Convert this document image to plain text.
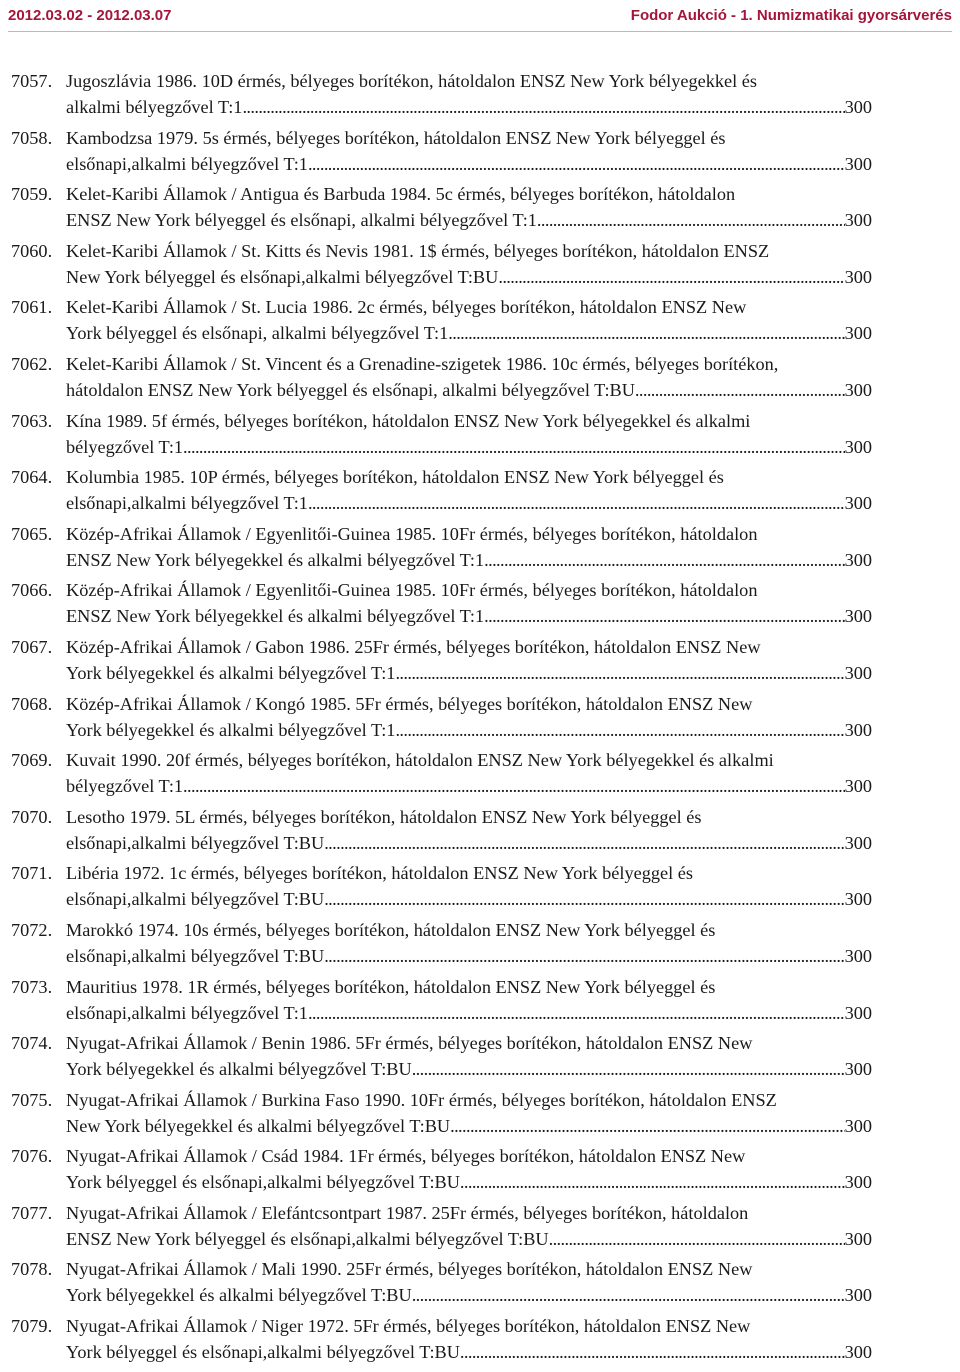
2012.03.02 - 2012.03.07	Fodor Aukció - 1. Numizmatikai gyorsárverés
7057. Jugoszlávia 1986. 10D érmés, bélyeges borítékon, hátoldalon ENSZ New York bélyegekkel és
alkalmi bélyegzővel T:1 .....	300
7058. Kambodzsa 1979. 5s érmés, bélyeges borítékon, hátoldalon ENSZ New York bélyeggel és
elsőnapi,alkalmi bélyegzővel T:1 .....	300
7059. Kelet-Karibi Államok / Antigua és Barbuda 1984. 5c érmés, bélyeges borítékon, hátoldalon
ENSZ New York bélyeggel és elsőnapi, alkalmi bélyegzővel T:1 .....	300
7060. Kelet-Karibi Államok / St. Kitts és Nevis 1981. 1$ érmés, bélyeges borítékon, hátoldalon ENSZ
New York bélyeggel és elsőnapi,alkalmi bélyegzővel T:BU .....	300
7061. Kelet-Karibi Államok / St. Lucia 1986. 2c érmés, bélyeges borítékon, hátoldalon ENSZ New
York bélyeggel és elsőnapi, alkalmi bélyegzővel T:1 .....	300
7062. Kelet-Karibi Államok / St. Vincent és a Grenadine-szigetek 1986. 10c érmés, bélyeges borítékon,
hátoldalon ENSZ New York bélyeggel és elsőnapi, alkalmi bélyegzővel T:BU .....	300
7063. Kína 1989. 5f érmés, bélyeges borítékon, hátoldalon ENSZ New York bélyegekkel és alkalmi
bélyegzővel T:1 .....	300
7064. Kolumbia 1985. 10P érmés, bélyeges borítékon, hátoldalon ENSZ New York bélyeggel és
elsőnapi,alkalmi bélyegzővel T:1 .....	300
7065. Közép-Afrikai Államok / Egyenlitői-Guinea 1985. 10Fr érmés, bélyeges borítékon, hátoldalon
ENSZ New York bélyegekkel és alkalmi bélyegzővel T:1 .....	300
7066. Közép-Afrikai Államok / Egyenlitői-Guinea 1985. 10Fr érmés, bélyeges borítékon, hátoldalon
ENSZ New York bélyegekkel és alkalmi bélyegzővel T:1 .....	300
7067. Közép-Afrikai Államok / Gabon 1986. 25Fr érmés, bélyeges borítékon, hátoldalon ENSZ New
York bélyegekkel és alkalmi bélyegzővel T:1 .....	300
7068. Közép-Afrikai Államok / Kongó 1985. 5Fr érmés, bélyeges borítékon, hátoldalon ENSZ New
York bélyegekkel és alkalmi bélyegzővel T:1 .....	300
7069. Kuvait 1990. 20f érmés, bélyeges borítékon, hátoldalon ENSZ New York bélyegekkel és alkalmi
bélyegzővel T:1 .....	300
7070. Lesotho 1979. 5L érmés, bélyeges borítékon, hátoldalon ENSZ New York bélyeggel és
elsőnapi,alkalmi bélyegzővel T:BU .....	300
7071. Libéria 1972. 1c érmés, bélyeges borítékon, hátoldalon ENSZ New York bélyeggel és
elsőnapi,alkalmi bélyegzővel T:BU .....	300
7072. Marokkó 1974. 10s érmés, bélyeges borítékon, hátoldalon ENSZ New York bélyeggel és
elsőnapi,alkalmi bélyegzővel T:BU .....	300
7073. Mauritius 1978. 1R érmés, bélyeges borítékon, hátoldalon ENSZ New York bélyeggel és
elsőnapi,alkalmi bélyegzővel T:1 .....	300
7074. Nyugat-Afrikai Államok / Benin 1986. 5Fr érmés, bélyeges borítékon, hátoldalon ENSZ New
York bélyegekkel és alkalmi bélyegzővel T:BU .....	300
7075. Nyugat-Afrikai Államok / Burkina Faso 1990. 10Fr érmés, bélyeges borítékon, hátoldalon ENSZ
New York bélyegekkel és alkalmi bélyegzővel T:BU .....	300
7076. Nyugat-Afrikai Államok / Csád 1984. 1Fr érmés, bélyeges borítékon, hátoldalon ENSZ New
York bélyeggel és elsőnapi,alkalmi bélyegzővel T:BU .....	300
7077. Nyugat-Afrikai Államok / Elefántcsontpart 1987. 25Fr érmés, bélyeges borítékon, hátoldalon
ENSZ New York bélyeggel és elsőnapi,alkalmi bélyegzővel T:BU .....	300
7078. Nyugat-Afrikai Államok / Mali 1990. 25Fr érmés, bélyeges borítékon, hátoldalon ENSZ New
York bélyegekkel és alkalmi bélyegzővel T:BU .....	300
7079. Nyugat-Afrikai Államok / Niger 1972. 5Fr érmés, bélyeges borítékon, hátoldalon ENSZ New
York bélyeggel és elsőnapi,alkalmi bélyegzővel T:BU .....	300
